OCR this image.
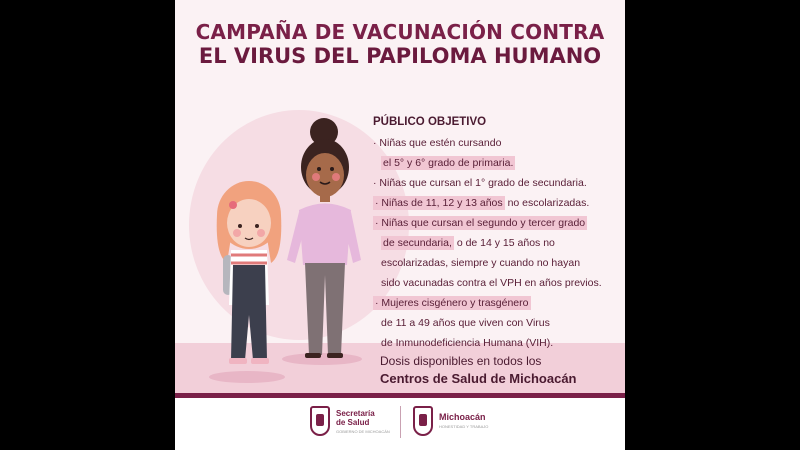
CAMPAÑA DE VACUNACIÓN CONTRA
EL VIRUS DEL PAPILOMA HUMANO
PÚBLICO OBJETIVO
· Niñas que estén cursando
el 5° y 6° grado de primaria.
· Niñas que cursan el 1° grado de secundaria.
· Niñas de 11, 12 y 13 años no escolarizadas.
· Niñas que cursan el segundo y tercer grado
de secundaria, o de 14 y 15 años no
escolarizadas, siempre y cuando no hayan
sido vacunadas contra el VPH en años previos.
· Mujeres cisgénero y trasgénero
de 11 a 49 años que viven con Virus
de Inmunodeficiencia Humana (VIH).
Dosis disponibles en todos los
Centros de Salud de Michoacán
Secretaría
de Salud
GOBIERNO DE MICHOACÁN
Michoacán
HONESTIDAD Y TRABAJO
